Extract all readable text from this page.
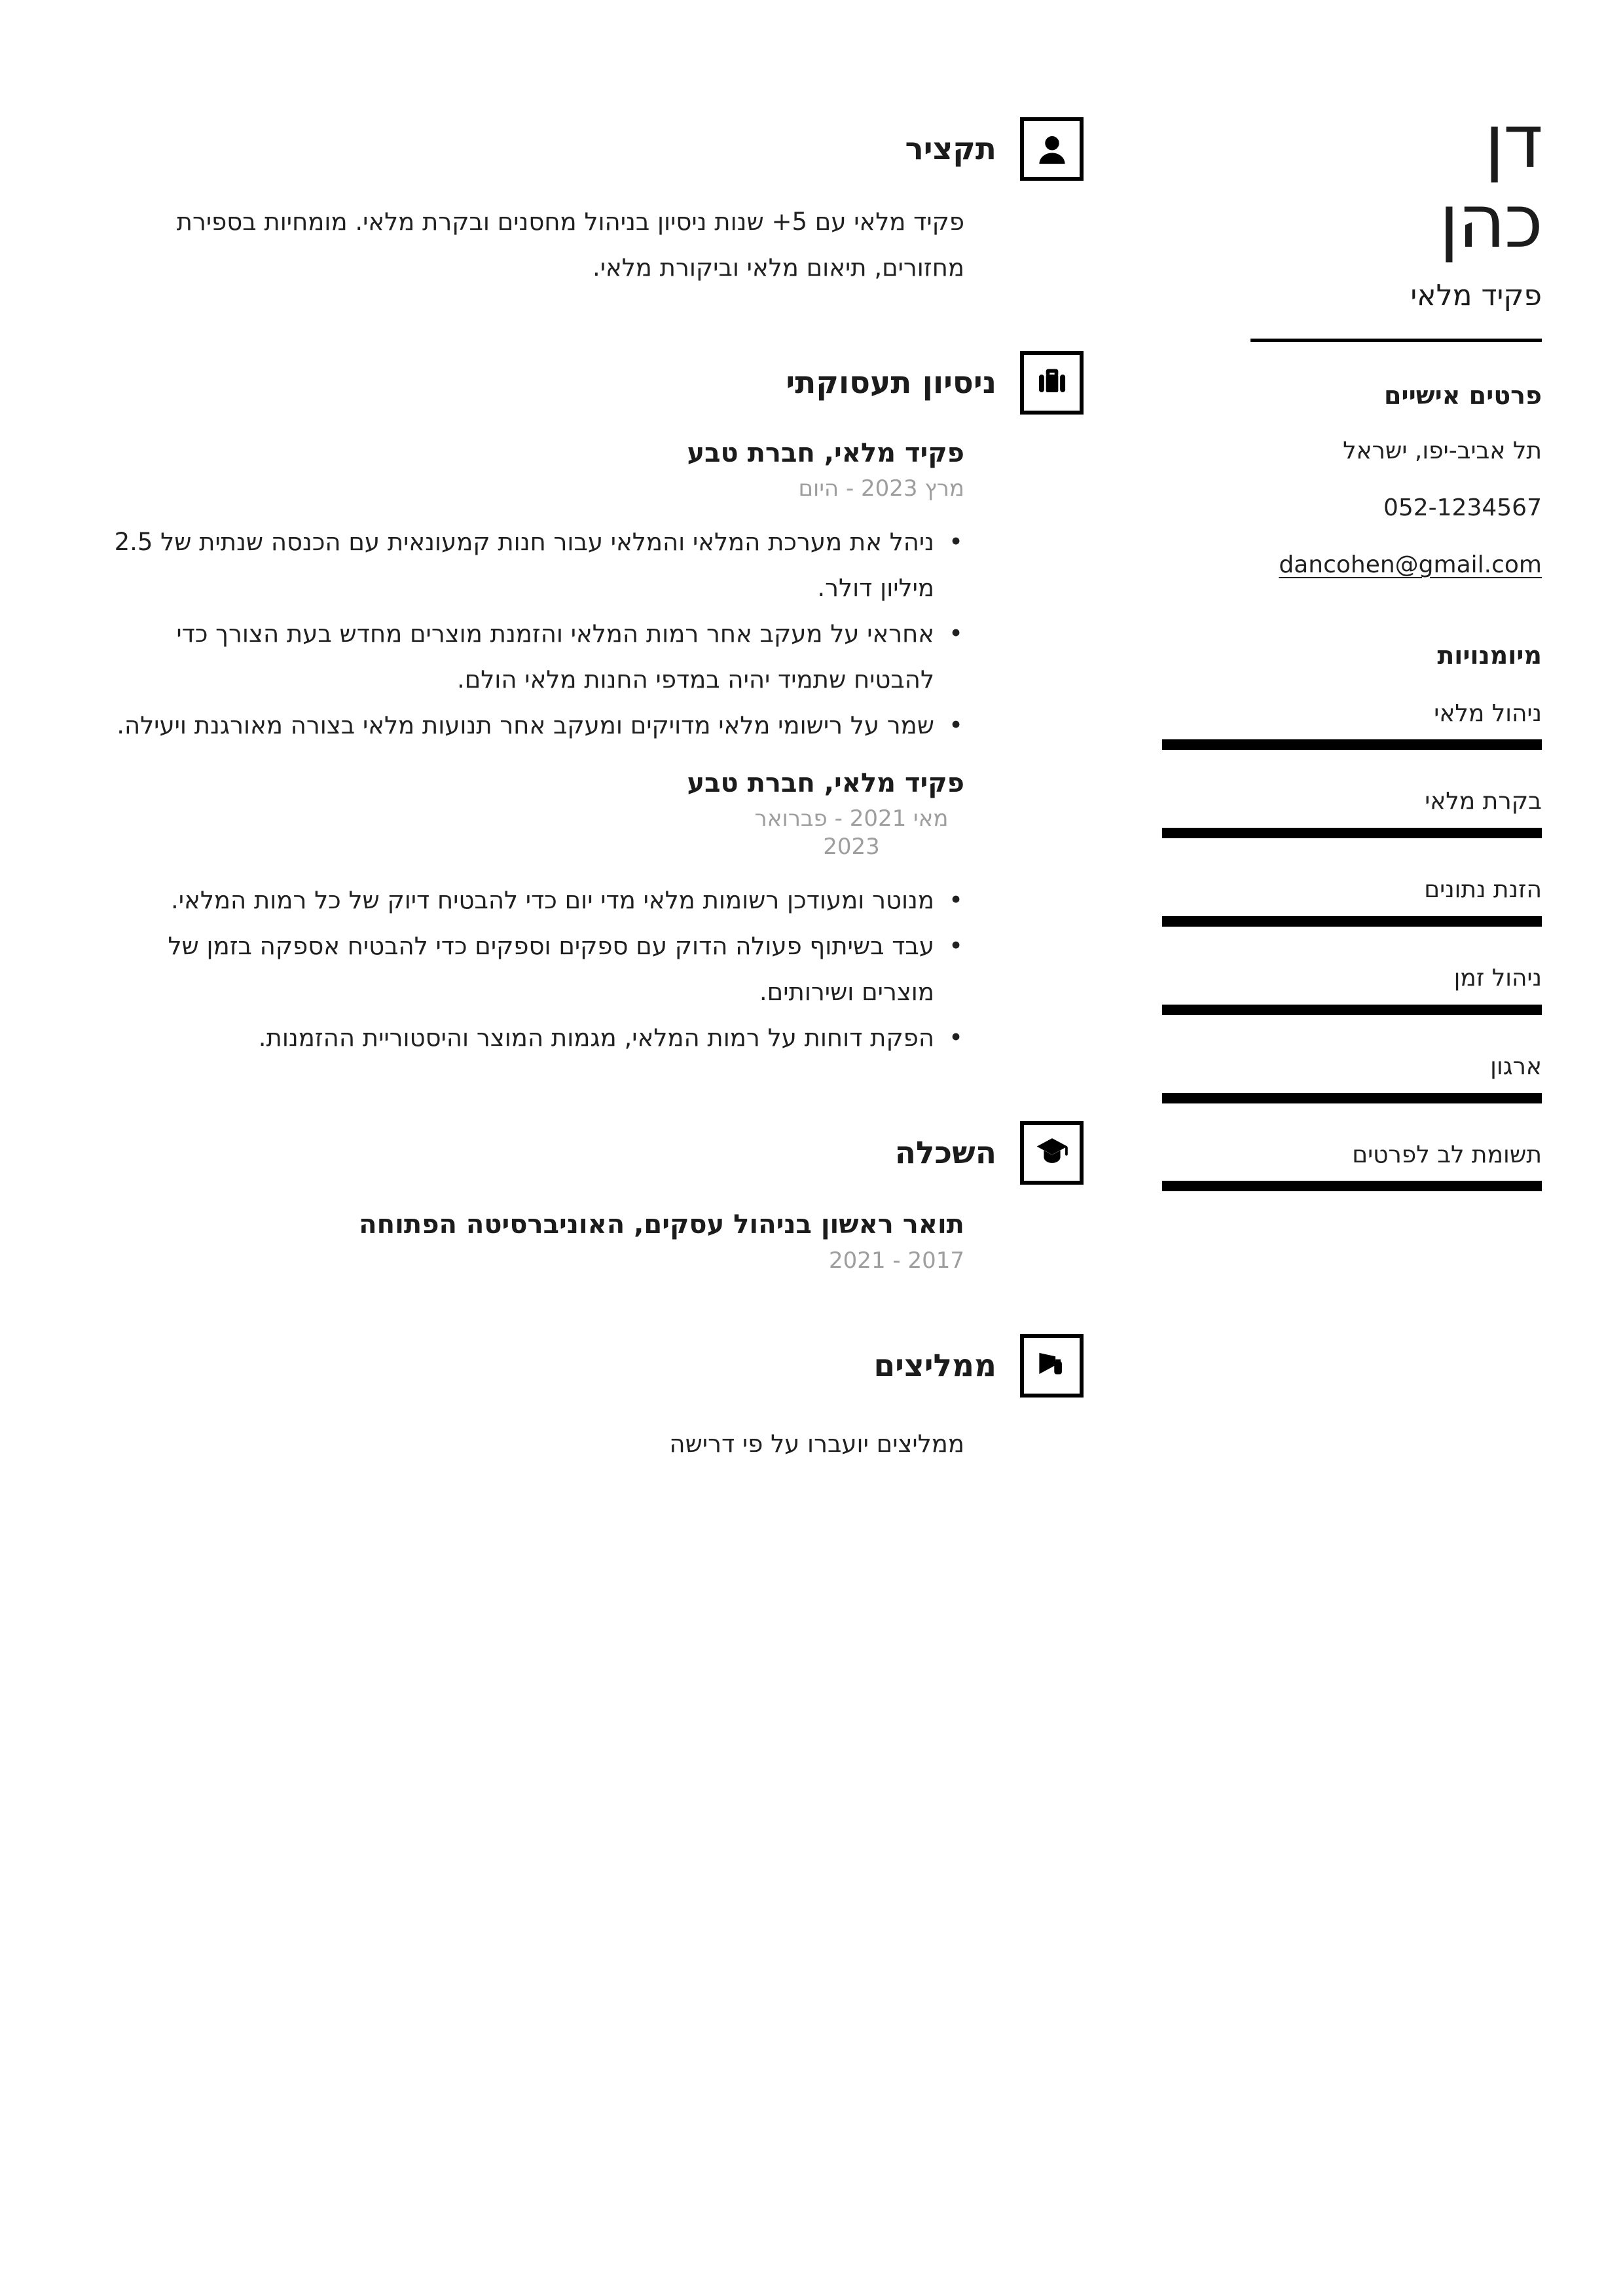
דן
כהן
פקיד מלאי
פרטים אישיים
תל אביב-יפו, ישראל
052-1234567
dancohen@gmail.com
מיומנויות
ניהול מלאי
בקרת מלאי
הזנת נתונים
ניהול זמן
ארגון
תשומת לב לפרטים
תקציר

פקיד מלאי עם 5+ שנות ניסיון בניהול מחסנים ובקרת מלאי. מומחיות בספירת מחזורים, תיאום מלאי וביקורת מלאי.

ניסיון תעסוקתי
פקיד מלאי, חברת טבע
מרץ 2023 - היום
• ניהל את מערכת המלאי והמלאי עבור חנות קמעונאית עם הכנסה שנתית של 2.5 מיליון דולר.
• אחראי על מעקב אחר רמות המלאי והזמנת מוצרים מחדש בעת הצורך כדי להבטיח שתמיד יהיה במדפי החנות מלאי הולם.
• שמר על רישומי מלאי מדויקים ומעקב אחר תנועות מלאי בצורה מאורגנת ויעילה.
פקיד מלאי, חברת טבע
מאי 2021 - פברואר 2023
• מנוטר ומעודכן רשומות מלאי מדי יום כדי להבטיח דיוק של כל רמות המלאי.
• עבד בשיתוף פעולה הדוק עם ספקים וספקים כדי להבטיח אספקה בזמן של מוצרים ושירותים.
• הפקת דוחות על רמות המלאי, מגמות המוצר והיסטוריית ההזמנות.
השכלה
תואר ראשון בניהול עסקים, האוניברסיטה הפתוחה
2021 - 2017
ממליצים

ממליצים יועברו על פי דרישה
